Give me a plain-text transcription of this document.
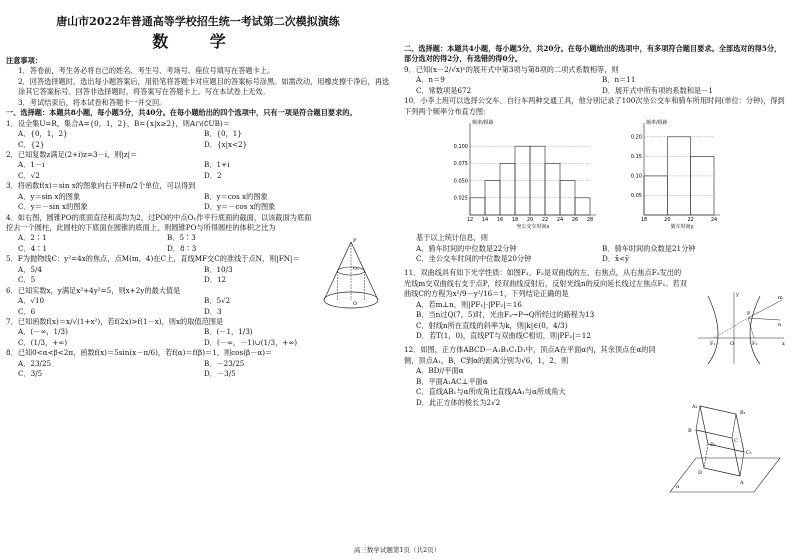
唐山市2022年普通高等学校招生统一考试第二次模拟演练
数 学

注意事项：

1．答卷前，考生务必将自己的姓名、考生号、考场号、座位号填写在答题卡上。

2．回答选择题时，选出每小题答案后，用铅笔将答题卡对应题目的答案标号涂黑。如需改动，用橡皮擦干净后，再选涂其它答案标号。回答非选择题时，将答案写在答题卡上。写在本试卷上无效。

3．考试结束后，将本试卷和答题卡一并交回。

一、选择题：本题共8小题，每小题5分，共40分。在每小题给出的四个选项中，只有一项是符合题目要求的。

1．设全集U=R，集合A={0，1，2}，B={x|x≥2}，则A∩(∁UB)＝

A．{0，1，2}	B．{0，1}
C．{2}	D．{x|x<2}

2．已知复数z满足(2+i)z=3－i，则|z|＝

A．1－i	B．1+i
C．√2	D．2

3．将函数f(x)＝sin x的图象向右平移π/2个单位，可以得到

A．y＝sin x的图象	B．y＝cos x的图象
C．y＝－sin x的图象	D．y＝－cos x的图象

4．如右图，圆锥PO的底面直径和高均为2，过PO的中点O₁作平行底面的截面，以该截面为底面挖去一个圆柱，此圆柱的下底面在圆锥的底面上，则圆锥PO与所得圆柱的体积之比为

A．2∶1	B．5∶3
C．4∶1	D．8∶3

5．F为抛物线C：y²=4x的焦点，点M(m，4)在C上，直线MF交C的准线于点N，则|FN|＝

A．5/4	B．10/3
C．5	D．12

6．已知实数x，y满足x²+4y²=5，则x+2y的最大值是

A．√10	B．5√2
C．6	D．3

7．已知函数f(x)＝x/√(1+x²)，若f(2x)>f(1－x)，则x的取值范围是

A．(－∞，1/3)	B．(－1，1/3)
C．(1/3，+∞)	D．(－∞，－1)∪(1/3，+∞)

8．已知0<α<β<2π，函数f(x)＝5sin(x－π/6)，若f(α)＝f(β)＝1，则cos(β－α)＝

A．23/25	B．－23/25
C．3/5	D．－3/5
P
O₁
O

二、选择题：本题共4小题，每小题5分，共20分。在每小题给出的选项中，有多项符合题目要求。全部选对的得5分，部分选对的得2分，有选错的得0分。

9．已知(x－2/√x)ⁿ的展开式中第3项与第8项的二项式系数相等，则

A．n＝9	B．n＝11
C．常数项是672	D．展开式中所有项的系数和是－1

10．小李上班可以选择公交车、自行车两种交通工具，他分别记录了100次坐公交车和骑车所用时间(单位：分钟)，得到下列两个频率分布直方图：

频率/组距
0.025
0.050
0.075
0.100
12 14 16 18 20 22 24 26 28
坐公交车时间x
频率/组距
0.05
0.10
0.15
0.20
18	20	22	24
骑车时间y

基于以上统计信息，则

A．骑车时间的中位数是22分钟	B．骑车时间的众数是21分钟
C．坐公交车时间的中位数是20分钟	D．x̄<ȳ

11．双曲线具有如下光学性质：如图F₁，F₂是双曲线的左、右焦点，从右焦点F₂发出的光线m交双曲线右支于点P，经双曲线反射后，反射光线n的反向延长线过左焦点F₁。若双曲线C的方程为x²/9－y²/16＝1，下列结论正确的是

A．若m⊥n，则|PF₁|·|PF₂|＝16

B．当n过Q(7，5)时，光由F₂→P→Q所经过的路程为13

C．射线n所在直线的斜率为k，则|k|∈(0，4/3)

D．若T(1，0)，直线PT与双曲线C相切，则|PF₂|＝12

12．如图，正方体ABCD－A₁B₁C₁D₁中，顶点A在平面α内，其余顶点在α的同侧，顶点A₁，B，C到α的距离分别为√6，1，2，则

A．BD//平面α

B．平面A₁AC⊥平面α

C．直线AB₁与α所成角比直线AA₁与α所成角大

D．此正方体的棱长为2√2

y
P
m
n
F₁	O	F₂	x
B₁
C₁
A₁
D₁
B
C
A
D
α
高三数学试题第1页（共2页）
